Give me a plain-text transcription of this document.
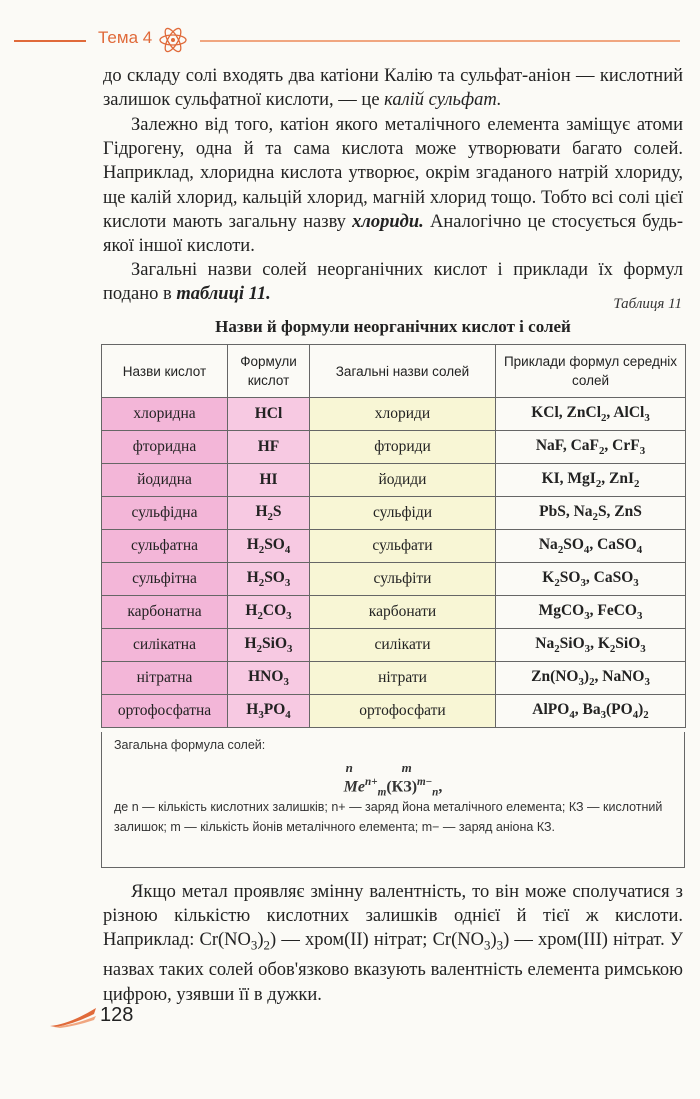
Тема 4

до складу солі входять два катіони Калію та сульфат-аніон — кислотний залишок сульфатної кислоти, — це калій сульфат.

Залежно від того, катіон якого металічного елемента заміщує атоми Гідрогену, одна й та сама кислота може утворювати багато солей. Наприклад, хлоридна кислота утворює, окрім згаданого натрій хлориду, ще калій хлорид, кальцій хлорид, магній хлорид тощо. Тобто всі солі цієї кислоти мають загальну назву хлориди. Аналогічно це стосується будь-якої іншої кислоти.

Загальні назви солей неорганічних кислот і приклади їх формул подано в таблиці 11.	Таблиця 11
Назви й формули неорганічних кислот і солей
Назви кислот	Формули кислот	Загальні назви солей	Приклади формул середніх солей
хлоридна	HCl	хлориди	KCl, ZnCl$_2$, AlCl$_3$
фторидна	HF	фториди	NaF, CaF$_2$, CrF$_3$
йодидна	HI	йодиди	KI, MgI$_2$, ZnI$_2$
сульфідна	$H_2S$	сульфіди	PbS, $Na_2S$, ZnS
сульфатна	$H_2SO_4$	сульфати	$Na_2SO_4$, CaSO$_4$
сульфітна	$H_2SO_3$	сульфіти	$K_2SO_3$, CaSO$_3$
карбонатна	$H_2CO_3$	карбонати	MgCO$_3$, FeCO$_3$
силікатна	$H_2SiO_3$	силікати	$Na_2SiO_3$, $K_2SiO_3$
нітратна	$HNO_3$	нітрати	$Zn(NO_3)_2$, NaNO$_3$
ортофосфатна	$H_3PO_4$	ортофосфати	AlPO$_4$, $Ba_3(PO_4)_2$
Загальна формула солей:
n	m
$Me^{n+}_m(КЗ)^{m-}_n$,
де n — кількість кислотних залишків; n+ — заряд йона металічного елемента; КЗ — кислотний залишок; m — кількість йонів металічного елемента; m− — заряд аніона КЗ.

Якщо метал проявляє змінну валентність, то він може сполучатися з різною кількістю кислотних залишків однієї й тієї ж кислоти. Наприклад: $Cr(NO_3)_2$) — хром(ІІ) нітрат; $Cr(NO_3)_3$) — хром(ІІІ) нітрат. У назвах таких солей обов'язково вказують валентність елемента римською цифрою, узявши її в дужки.

128
